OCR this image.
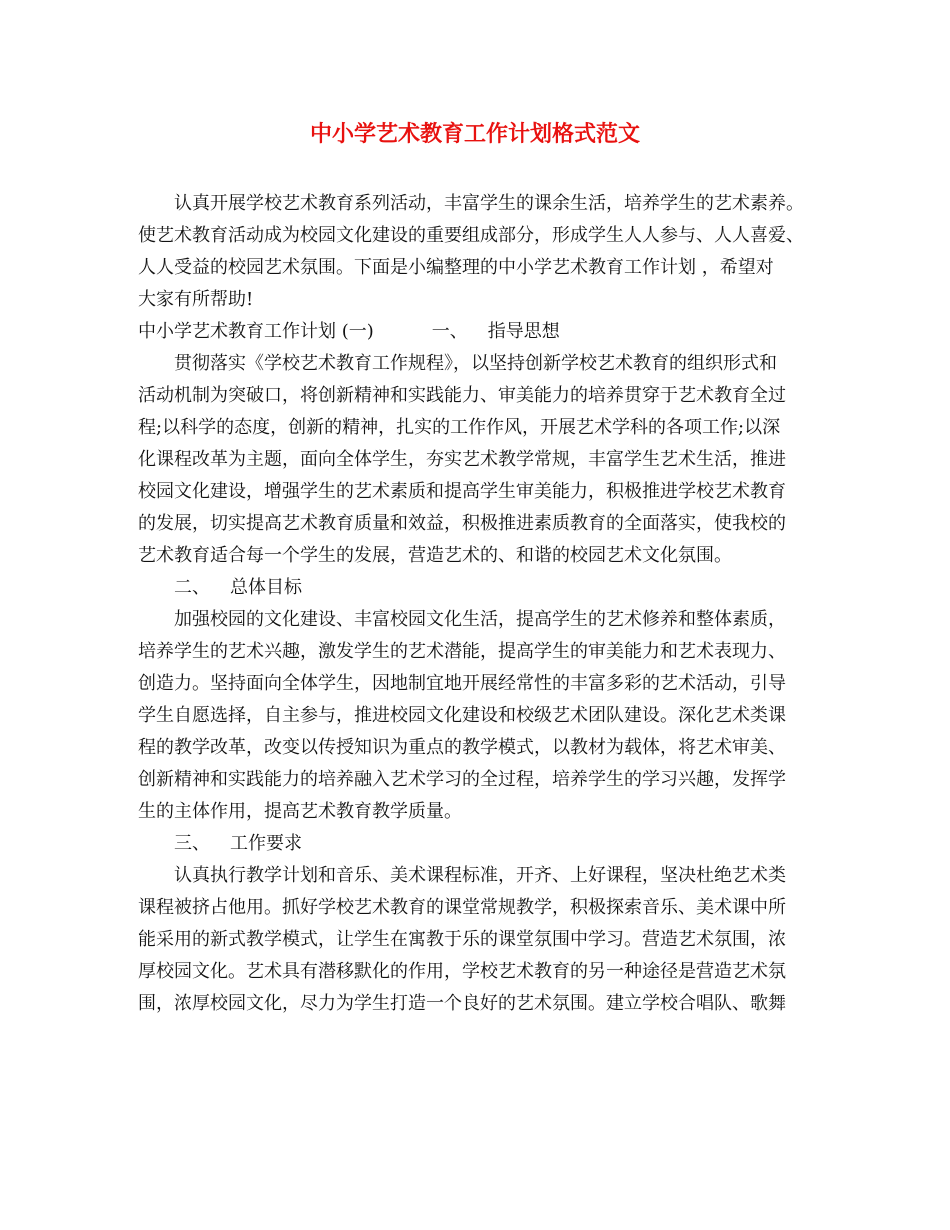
中小学艺术教育工作计划格式范文
认真开展学校艺术教育系列活动，丰富学生的课余生活，培养学生的艺术素养。
使艺术教育活动成为校园文化建设的重要组成部分，形成学生人人参与、人人喜爱、
人人受益的校园艺术氛围。下面是小编整理的中小学艺术教育工作计划 ，希望对
大家有所帮助!
中小学艺术教育工作计划 (一)	一、 指导思想
贯彻落实《学校艺术教育工作规程》，以坚持创新学校艺术教育的组织形式和
活动机制为突破口，将创新精神和实践能力、审美能力的培养贯穿于艺术教育全过
程;以科学的态度，创新的精神，扎实的工作作风，开展艺术学科的各项工作;以深
化课程改革为主题，面向全体学生，夯实艺术教学常规，丰富学生艺术生活，推进
校园文化建设，增强学生的艺术素质和提高学生审美能力，积极推进学校艺术教育
的发展，切实提高艺术教育质量和效益，积极推进素质教育的全面落实，使我校的
艺术教育适合每一个学生的发展，营造艺术的、和谐的校园艺术文化氛围。
二、 总体目标
加强校园的文化建设、丰富校园文化生活，提高学生的艺术修养和整体素质，
培养学生的艺术兴趣，激发学生的艺术潜能，提高学生的审美能力和艺术表现力、
创造力。坚持面向全体学生，因地制宜地开展经常性的丰富多彩的艺术活动，引导
学生自愿选择，自主参与，推进校园文化建设和校级艺术团队建设。深化艺术类课
程的教学改革，改变以传授知识为重点的教学模式，以教材为载体，将艺术审美、
创新精神和实践能力的培养融入艺术学习的全过程，培养学生的学习兴趣，发挥学
生的主体作用，提高艺术教育教学质量。
三、 工作要求
认真执行教学计划和音乐、美术课程标准，开齐、上好课程，坚决杜绝艺术类
课程被挤占他用。抓好学校艺术教育的课堂常规教学，积极探索音乐、美术课中所
能采用的新式教学模式，让学生在寓教于乐的课堂氛围中学习。营造艺术氛围，浓
厚校园文化。艺术具有潜移默化的作用，学校艺术教育的另一种途径是营造艺术氛
围，浓厚校园文化，尽力为学生打造一个良好的艺术氛围。建立学校合唱队、歌舞
